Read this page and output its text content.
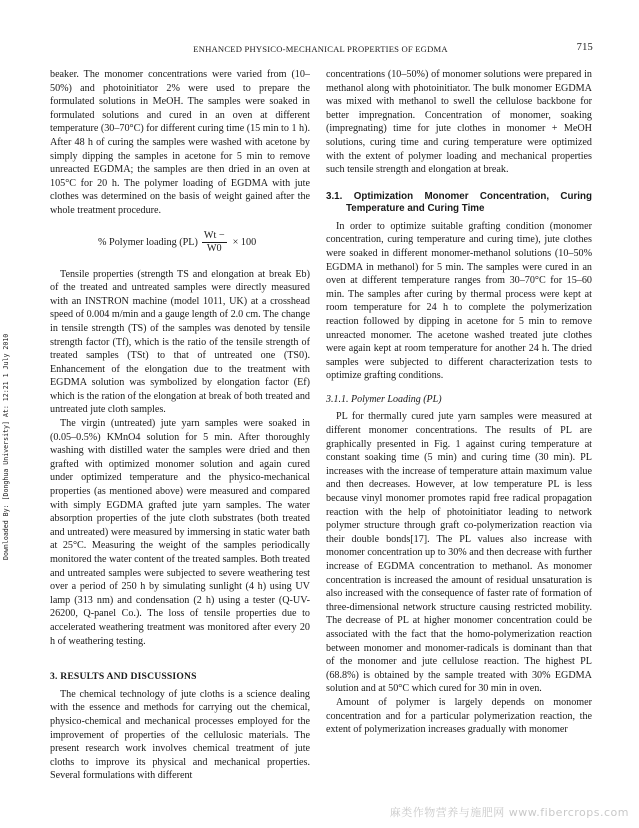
ENHANCED PHYSICO-MECHANICAL PROPERTIES OF EGDMA	715
Downloaded By: [Donghua University] At: 12:21 1 July 2010

beaker. The monomer concentrations were varied from (10–50%) and photoinitiator 2% were used to prepare the formulated solutions in MeOH. The samples were soaked in formulated solutions and cured in an oven at different temperature (30–70°C) for different curing time (15 min to 1 h). After 48 h of curing the samples were washed with acetone by simply dipping the samples in acetone for 5 min to remove unreacted EGDMA; the samples are then dried in an oven at 105°C for 20 h. The polymer loading of EGDMA with jute clothes was determined on the basis of weight gained after the whole treatment procedure.

% Polymer loading $(PL) \frac{Wt -}{W0} \times 100$

Tensile properties (strength TS and elongation at break Eb) of the treated and untreated samples were directly measured with an INSTRON machine (model 1011, UK) at a crosshead speed of 0.004 m/min and a gauge length of 2.0 cm. The change in tensile strength (TS) of the samples was denoted by tensile strength factor (Tf), which is the ratio of the tensile strength of treated samples (TSt) to that of untreated one (TS0). Enhancement of the elongation due to the treatment with EGDMA solution was symbolized by elongation factor (Ef) which is the ration of the elongation at break of both treated and untreated jute cloth samples.

The virgin (untreated) jute yarn samples were soaked in (0.05–0.5%) KMnO4 solution for 5 min. After thoroughly washing with distilled water the samples were dried and then grafted with optimized monomer solution and again cured under optimized temperature and the physico-mechanical properties (as mentioned above) were measured and compared with simply EGDMA grafted jute yarn samples. The water absorption properties of the jute cloth substrates (both treated and untreated) were measured by immersing in static water bath at 25°C. Measuring the weight of the samples periodically monitored the water content of the treated samples. Both treated and untreated samples were subjected to severe weathering test over a period of 250 h by simulating sunlight (4 h) using UV lamp (313 nm) and condensation (2 h) using a tester (Q-UV-26200, Q-panel Co.). The loss of tensile properties due to accelerated weathering treatment was monitored after every 20 h of weathering testing.

3. RESULTS AND DISCUSSIONS

The chemical technology of jute cloths is a science dealing with the essence and methods for carrying out the chemical, physico-chemical and mechanical processes employed for the improvement of properties of the cellulosic materials. The present research work involves chemical treatment of jute cloths to improve its physical and mechanical properties. Several formulations with different

concentrations (10–50%) of monomer solutions were prepared in methanol along with photoinitiator. The bulk monomer EGDMA was mixed with methanol to swell the cellulose backbone for better impregnation. Concentration of monomer, soaking (impregnating) time for jute clothes in monomer + MeOH solutions, curing time and curing temperature were optimized with the extent of polymer loading and mechanical properties such tensile strength and elongation at break.

3.1. Optimization Monomer Concentration, Curing Temperature and Curing Time

In order to optimize suitable grafting condition (monomer concentration, curing temperature and curing time), jute clothes were soaked in different monomer-methanol solutions (10–50% EGDMA in methanol) for 5 min. The samples were cured in an oven at different temperature ranges from 30–70°C for 15–60 min. The samples after curing by thermal process were kept at room temperature for 24 h to complete the polymerization reaction followed by dipping in acetone for 5 min to remove unreacted monomer. The acetone washed treated jute clothes were again kept at room temperature for another 24 h. The dried samples were subjected to different characterization tests to optimize grafting conditions.

3.1.1. Polymer Loading (PL)

PL for thermally cured jute yarn samples were measured at different monomer concentrations. The results of PL are graphically presented in Fig. 1 against curing temperature at constant soaking time (5 min) and curing time (30 min). PL increases with the increase of temperature attain maximum value and then decreases. However, at low temperature PL is less because vinyl monomer promotes rapid free radical propagation reaction with the help of photoinitiator leading to network polymer structure through graft co-polymerization reaction via their double bonds[17]. The PL values also increase with monomer concentration up to 30% and then decrease with further increase of EGDMA concentration to methanol. As monomer concentration is increased the amount of residual unsaturation is also increased with the consequence of faster rate of formation of three-dimensional network structure causing restricted mobility. The decrease of PL at higher monomer concentration could be associated with the fact that the homo-polymerization reaction between monomer and monomer-radicals is dominant than that of the monomer and jute cellulose reaction. The highest PL (68.8%) is obtained by the sample treated with 30% EGDMA solution and at 50°C which cured for 30 min in oven.

Amount of polymer is largely depends on monomer concentration and for a particular polymerization reaction, the extent of polymerization increases gradually with monomer

麻类作物营养与施肥网 www.fibercrops.com
